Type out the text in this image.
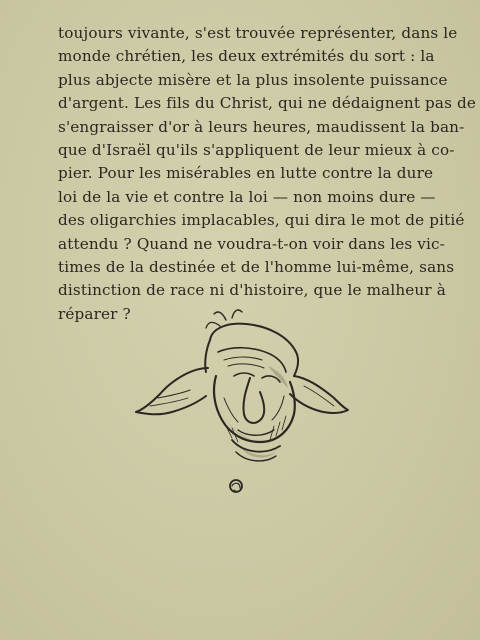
toujours vivante, s'est trouvée représenter, dans le
monde chrétien, les deux extrémités du sort : la
plus abjecte misère et la plus insolente puissance
d'argent. Les fils du Christ, qui ne dédaignent pas de
s'engraisser d'or à leurs heures, maudissent la ban-
que d'Israël qu'ils s'appliquent de leur mieux à co-
pier. Pour les misérables en lutte contre la dure
loi de la vie et contre la loi — non moins dure —
des oligarchies implacables, qui dira le mot de pitié
attendu ? Quand ne voudra-t-on voir dans les vic-
times de la destinée et de l'homme lui-même, sans
distinction de race ni d'histoire, que le malheur à
réparer ?
